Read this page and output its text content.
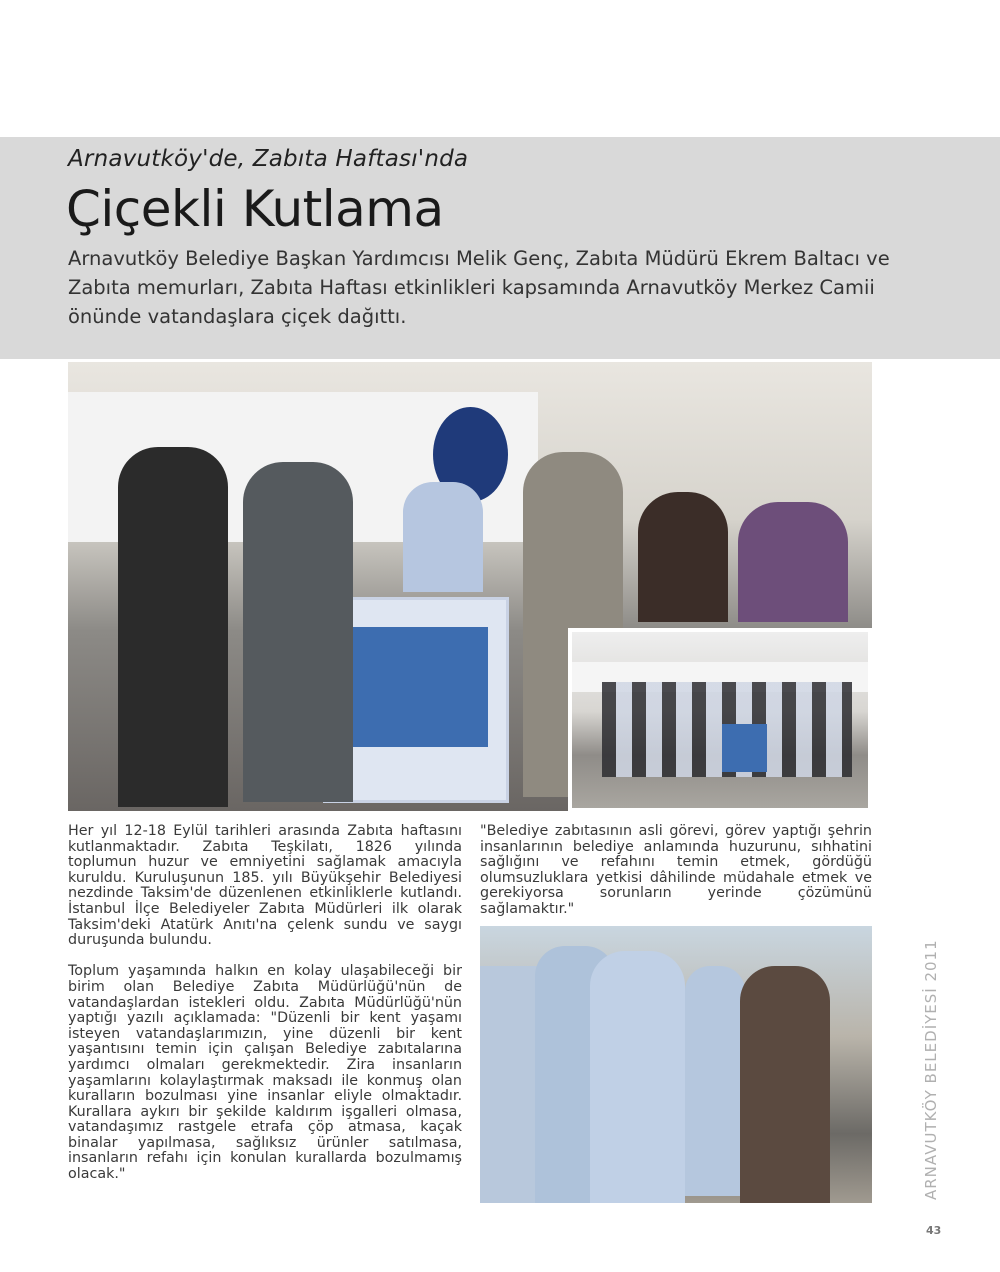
Arnavutköy'de, Zabıta Haftası'nda
Çiçekli Kutlama
Arnavutköy Belediye Başkan Yardımcısı Melik Genç, Zabıta Müdürü Ekrem Baltacı ve Zabıta memurları, Zabıta Haftası etkinlikleri kapsamında Arnavutköy Merkez Camii önünde vatandaşlara çiçek dağıttı.

Her yıl 12-18 Eylül tarihleri arasında Zabıta haftasını kutlanmaktadır. Zabıta Teşkilatı, 1826 yılında toplumun huzur ve emniyetini sağlamak amacıyla kuruldu. Kuruluşunun 185. yılı Büyükşehir Belediyesi nezdinde Taksim'de düzenlenen etkinliklerle kutlandı. İstanbul İlçe Belediyeler Zabıta Müdürleri ilk olarak Taksim'deki Atatürk Anıtı'na çelenk sundu ve saygı duruşunda bulundu.

Toplum yaşamında halkın en kolay ulaşabileceği bir birim olan Belediye Zabıta Müdürlüğü'nün de vatandaşlardan istekleri oldu. Zabıta Müdürlüğü'nün yaptığı yazılı açıklamada: "Düzenli bir kent yaşamı isteyen vatandaşlarımızın, yine düzenli bir kent yaşantısını temin için çalışan Belediye zabıtalarına yardımcı olmaları gerekmektedir. Zira insanların yaşamlarını kolaylaştırmak maksadı ile konmuş olan kuralların bozulması yine insanlar eliyle olmaktadır. Kurallara aykırı bir şekilde kaldırım işgalleri olmasa, vatandaşımız rastgele etrafa çöp atmasa, kaçak binalar yapılmasa, sağlıksız ürünler satılmasa, insanların refahı için konulan kurallarda bozulmamış olacak."

"Belediye zabıtasının asli görevi, görev yaptığı şehrin insanlarının belediye anlamında huzurunu, sıhhatini sağlığını ve refahını temin etmek, gördüğü olumsuzluklara yetkisi dâhilinde müdahale etmek ve gerekiyorsa sorunların yerinde çözümünü sağlamaktır."
ARNAVUTKÖY BELEDİYESİ 2011
43
